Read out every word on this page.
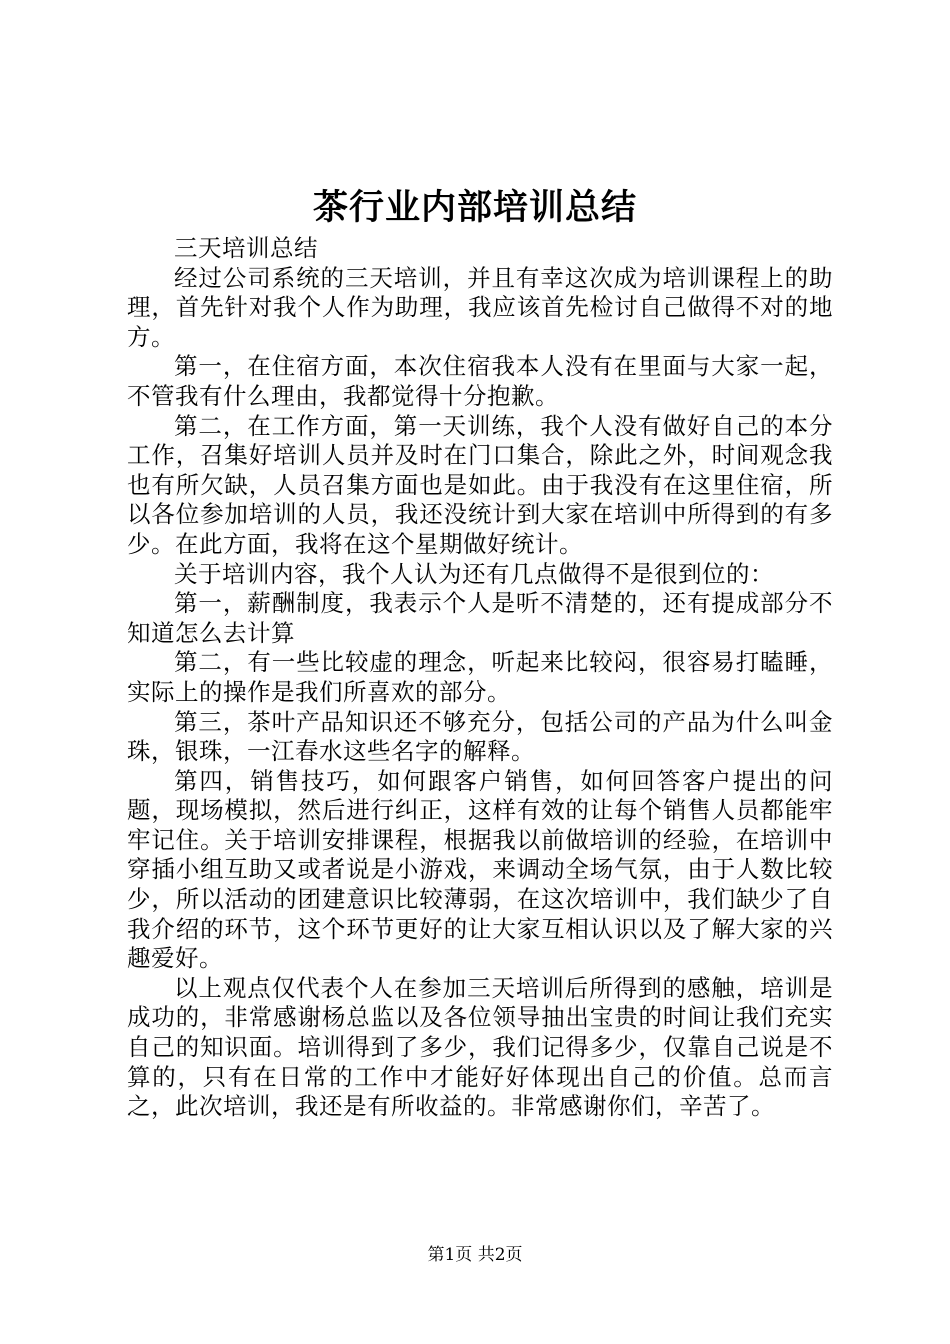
茶行业内部培训总结

三天培训总结

经过公司系统的三天培训，并且有幸这次成为培训课程上的助理，首先针对我个人作为助理，我应该首先检讨自己做得不对的地方。

第一，在住宿方面，本次住宿我本人没有在里面与大家一起，不管我有什么理由，我都觉得十分抱歉。

第二，在工作方面，第一天训练，我个人没有做好自己的本分工作，召集好培训人员并及时在门口集合，除此之外，时间观念我也有所欠缺，人员召集方面也是如此。由于我没有在这里住宿，所以各位参加培训的人员，我还没统计到大家在培训中所得到的有多少。在此方面，我将在这个星期做好统计。

关于培训内容，我个人认为还有几点做得不是很到位的：

第一，薪酬制度，我表示个人是听不清楚的，还有提成部分不知道怎么去计算

第二，有一些比较虚的理念，听起来比较闷，很容易打瞌睡，实际上的操作是我们所喜欢的部分。

第三，茶叶产品知识还不够充分，包括公司的产品为什么叫金珠，银珠，一江春水这些名字的解释。

第四，销售技巧，如何跟客户销售，如何回答客户提出的问题，现场模拟，然后进行纠正，这样有效的让每个销售人员都能牢牢记住。关于培训安排课程，根据我以前做培训的经验，在培训中穿插小组互助又或者说是小游戏，来调动全场气氛，由于人数比较少，所以活动的团建意识比较薄弱，在这次培训中，我们缺少了自我介绍的环节，这个环节更好的让大家互相认识以及了解大家的兴趣爱好。

以上观点仅代表个人在参加三天培训后所得到的感触，培训是成功的，非常感谢杨总监以及各位领导抽出宝贵的时间让我们充实自己的知识面。培训得到了多少，我们记得多少，仅靠自己说是不算的，只有在日常的工作中才能好好体现出自己的价值。总而言之，此次培训，我还是有所收益的。非常感谢你们，辛苦了。

第1页 共2页
